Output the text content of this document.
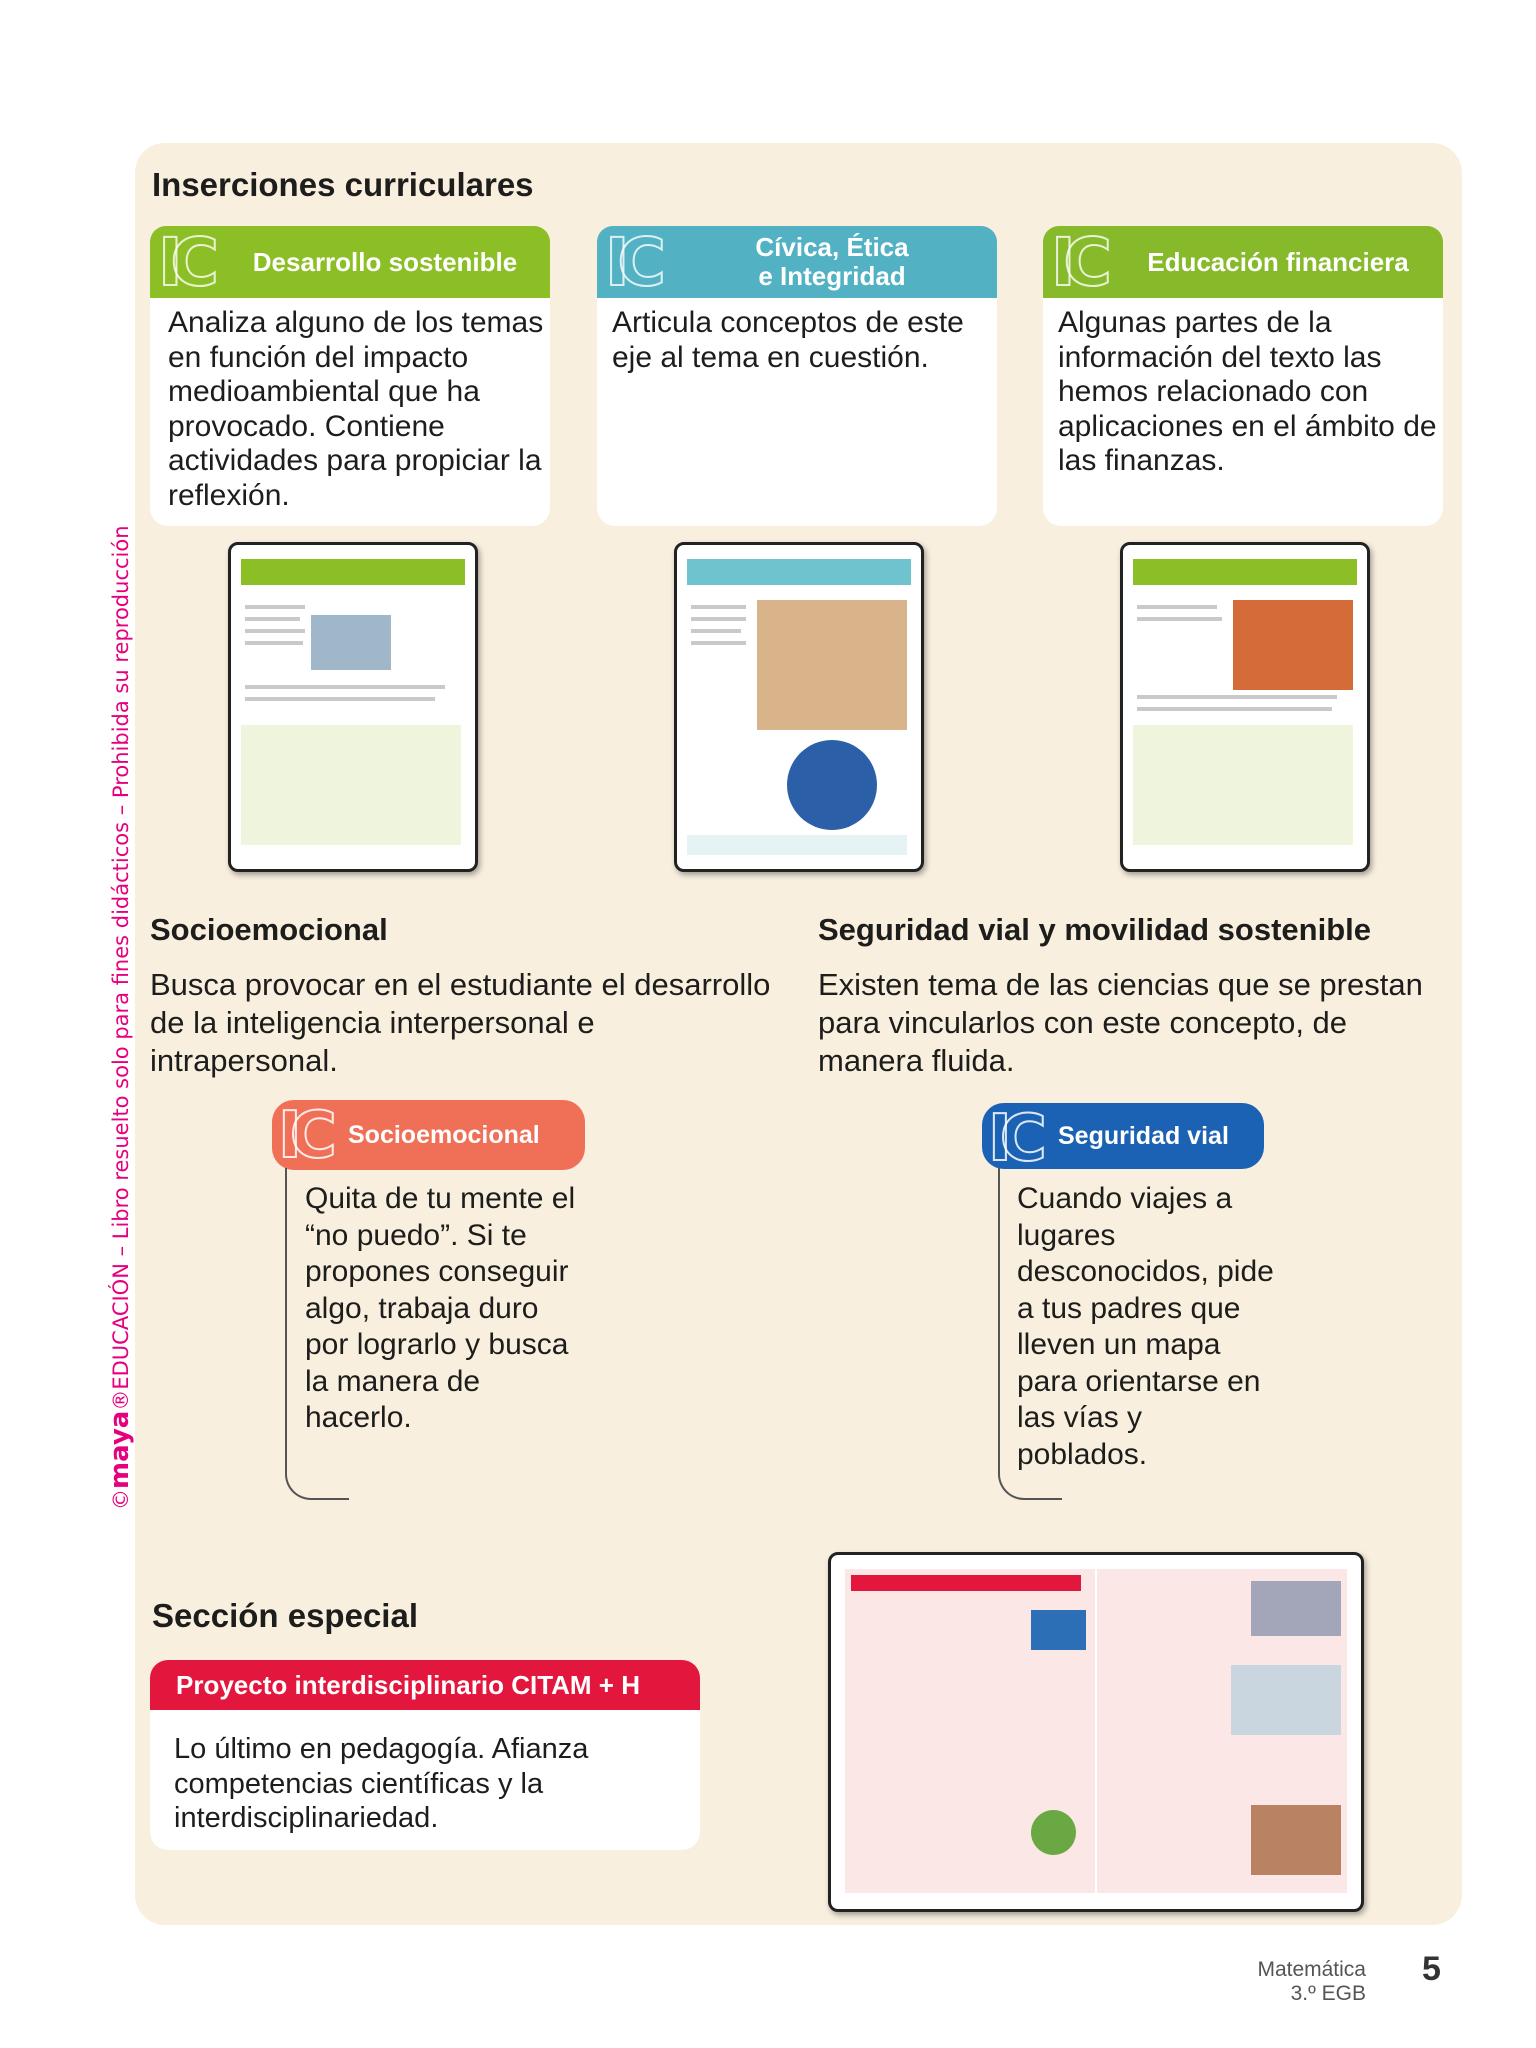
©maya®EDUCACIÓN – Libro resuelto solo para fines didácticos – Prohibida su reproducción
Inserciones curriculares
IC Desarrollo sostenible
Analiza alguno de los temas en función del impacto medioambiental que ha provocado. Contiene actividades para propiciar la reflexión.
IC	Cívica, Ética e Integridad
Articula conceptos de este eje al tema en cuestión.
IC Educación financiera
Algunas partes de la información del texto las hemos relacionado con aplicaciones en el ámbito de las finanzas.
Socioemocional
Busca provocar en el estudiante el desarrollo de la inteligencia interpersonal e intrapersonal.
Seguridad vial y movilidad sostenible
Existen tema de las ciencias que se prestan para vincularlos con este concepto, de manera fluida.
IC Socioemocional
Quita de tu mente el “no puedo”. Si te propones conseguir algo, trabaja duro por lograrlo y busca la manera de hacerlo.
IC Seguridad vial
Cuando viajes a lugares desconocidos, pide a tus padres que lleven un mapa para orientarse en las vías y poblados.
Sección especial
Proyecto interdisciplinario CITAM + H
Lo último en pedagogía. Afianza competencias científicas y la interdisciplinariedad.
Matemática
3.º EGB
5
